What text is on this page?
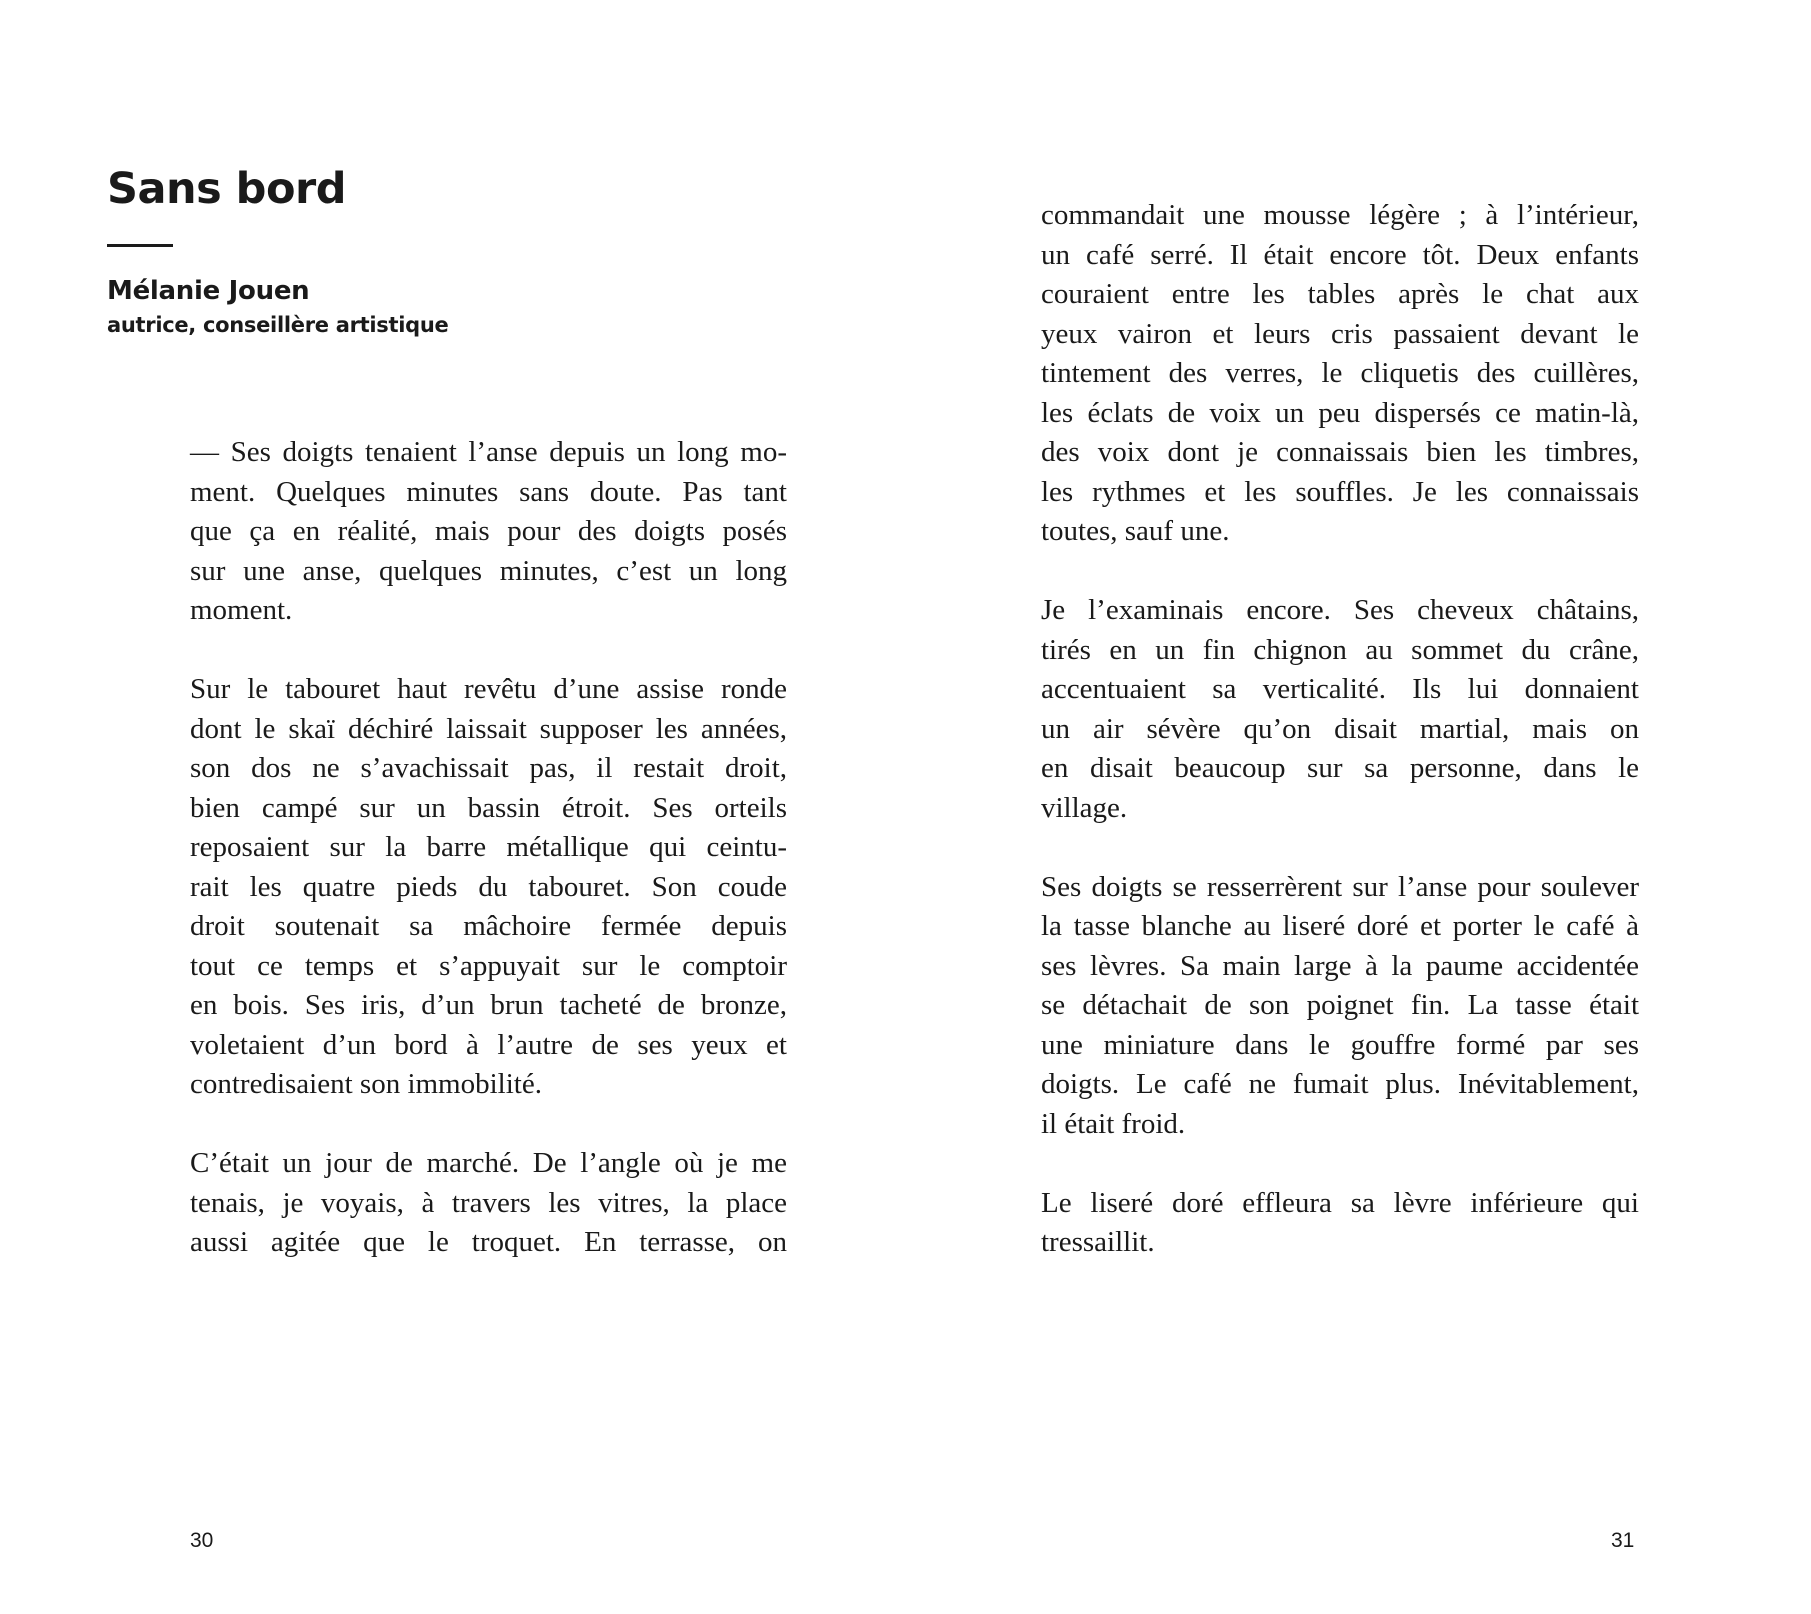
Sans bord
Mélanie Jouen
autrice, conseillère artistique

— Ses doigts tenaient l’anse depuis un long mo-
ment. Quelques minutes sans doute. Pas tant
que ça en réalité, mais pour des doigts posés
sur une anse, quelques minutes, c’est un long
moment.

Sur le tabouret haut revêtu d’une assise ronde
dont le skaï déchiré laissait supposer les années,
son dos ne s’avachissait pas, il restait droit,
bien campé sur un bassin étroit. Ses orteils
reposaient sur la barre métallique qui ceintu-
rait les quatre pieds du tabouret. Son coude
droit soutenait sa mâchoire fermée depuis
tout ce temps et s’appuyait sur le comptoir
en bois. Ses iris, d’un brun tacheté de bronze,
voletaient d’un bord à l’autre de ses yeux et
contredisaient son immobilité.

C’était un jour de marché. De l’angle où je me
tenais, je voyais, à travers les vitres, la place
aussi agitée que le troquet. En terrasse, on

30

commandait une mousse légère ; à l’intérieur,
un café serré. Il était encore tôt. Deux enfants
couraient entre les tables après le chat aux
yeux vairon et leurs cris passaient devant le
tintement des verres, le cliquetis des cuillères,
les éclats de voix un peu dispersés ce matin-là,
des voix dont je connaissais bien les timbres,
les rythmes et les souffles. Je les connaissais
toutes, sauf une.

Je l’examinais encore. Ses cheveux châtains,
tirés en un fin chignon au sommet du crâne,
accentuaient sa verticalité. Ils lui donnaient
un air sévère qu’on disait martial, mais on
en disait beaucoup sur sa personne, dans le
village.

Ses doigts se resserrèrent sur l’anse pour soulever
la tasse blanche au liseré doré et porter le café à
ses lèvres. Sa main large à la paume accidentée
se détachait de son poignet fin. La tasse était
une miniature dans le gouffre formé par ses
doigts. Le café ne fumait plus. Inévitablement,
il était froid.

Le liseré doré effleura sa lèvre inférieure qui
tressaillit.

31
